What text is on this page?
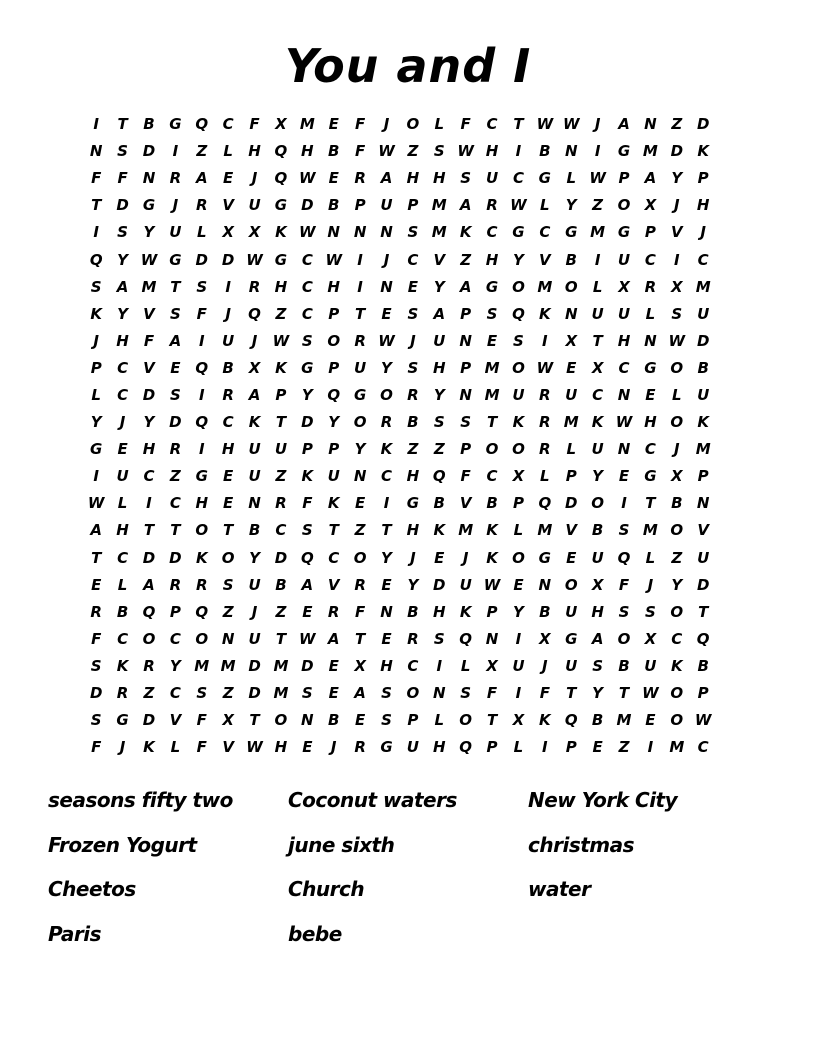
You and I
I	T	B G Q C	F	X M E	F	J	O	L	F	C	T W W	J	A N Z D
N S D	I	Z	L	H Q H B	F W Z	S W H	I	B N	I	G M D K
F	F N R A	E	J	Q W E	R A H H S U C G	L W P	A	Y	P
T	D G	J	R V U G D B	P U P M A R W L	Y	Z O X	J	H
I	S	Y U	L	X X K W N N N S M K	C G C G M G P	V	J
Q Y W G D D W G C W	I	J	C	V	Z H Y	V B	I	U C	I	C
S	A M T	S	I	R H C H	I	N E	Y	A G O M O	L	X R X M
K	Y	V	S	F	J	Q Z	C	P	T	E	S	A	P	S Q K N U U	L	S U
J	H F	A	I	U	J	W S O R W	J	U N E	S	I	X	T H N W D
P	C	V	E Q B X K G P U Y	S H P M O W E	X	C G O B
L	C D S	I	R A	P	Y Q G O R	Y N M U R U C N E	L	U
Y	J	Y D Q C	K	T	D Y O R B	S	S	T	K R M K W H O K
G	E H R	I	H U U P	P	Y	K	Z	Z	P O O R	L	U N C	J	M
I	U C	Z G	E	U Z	K U N C H Q F	C	X	L	P	Y	E	G X	P
W L	I	C H E N R	F	K	E	I	G B V B	P Q D O	I	T	B N
A H	T	T O T	B	C	S	T	Z	T H K M K	L M V B	S M O V
T	C D D K O Y D Q C O Y	J	E	J	K O G	E	U Q	L	Z U
E	L	A R R	S U B A V R	E	Y D U W E N O X	F	J	Y D
R B Q P Q Z	J	Z	E	R	F N B H K	P	Y	B U H S	S O T
F	C O C O N U	T W A	T	E	R	S Q N	I	X G A O X	C Q
S	K R	Y M M D M D	E	X H C	I	L	X U	J	U S	B U K B
D R	Z	C	S	Z D M S	E	A	S O N S	F	I	F	T	Y	T W O P
S G D V	F	X	T O N B	E	S	P	L	O T	X K Q B M E O W
F	J	K	L	F	V W H E	J	R G U H Q P	L	I	P	E	Z	I	M C
seasons fifty two	Coconut waters	New York City
Frozen Yogurt	june sixth	christmas
Cheetos	Church	water
Paris	bebe
